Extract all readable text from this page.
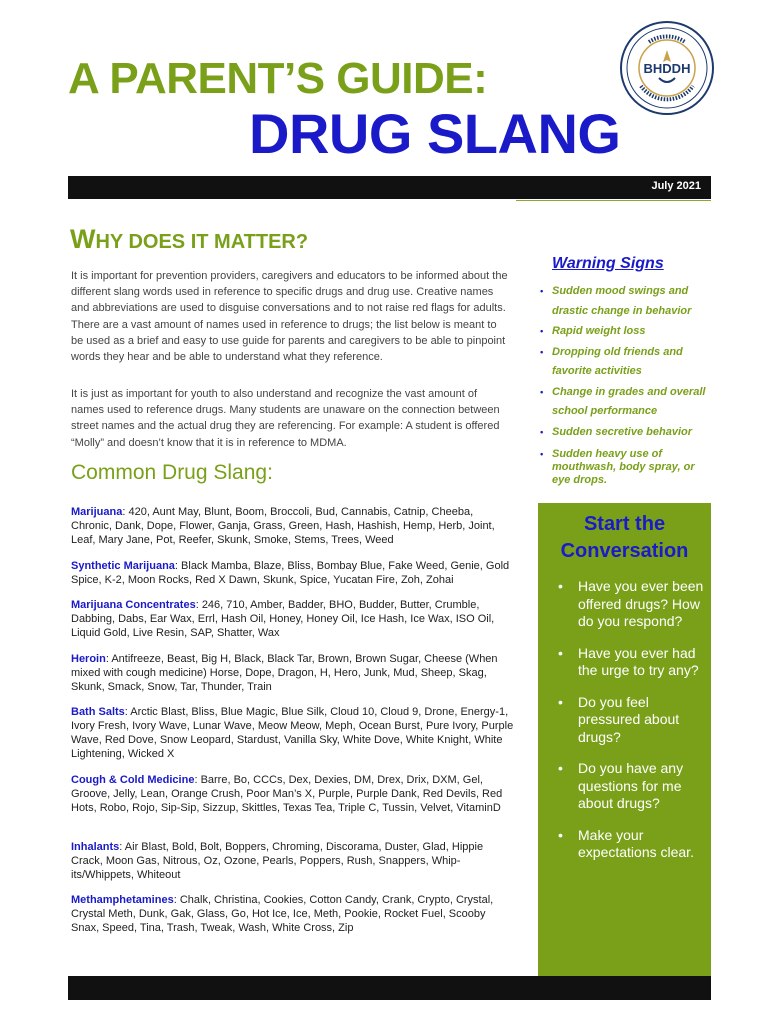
A PARENT’S GUIDE:
DRUG SLANG
BHDDH
July 2021
WHY DOES IT MATTER?
It is important for prevention providers, caregivers and educators to be informed about the different slang words used in reference to specific drugs and drug use. Creative names and abbreviations are used to disguise conversations and to not raise red flags for adults. There are a vast amount of names used in reference to drugs; the list below is meant to be used as a brief and easy to use guide for parents and caregivers to be able to pinpoint words they hear and be able to understand what they reference.
It is just as important for youth to also understand and recognize the vast amount of names used to reference drugs. Many students are unaware on the connection between street names and the actual drug they are referencing. For example: A student is offered “Molly” and doesn’t know that it is in reference to MDMA.
Common Drug Slang:
Marijuana: 420, Aunt May, Blunt, Boom, Broccoli, Bud, Cannabis, Catnip, Cheeba, Chronic, Dank, Dope, Flower, Ganja, Grass, Green, Hash, Hashish, Hemp, Herb, Joint, Leaf, Mary Jane, Pot, Reefer, Skunk, Smoke, Stems, Trees, Weed
Synthetic Marijuana: Black Mamba, Blaze, Bliss, Bombay Blue, Fake Weed, Genie, Gold Spice, K-2, Moon Rocks, Red X Dawn, Skunk, Spice, Yucatan Fire, Zoh, Zohai
Marijuana Concentrates: 246, 710, Amber, Badder, BHO, Budder, Butter, Crumble, Dabbing, Dabs, Ear Wax, Errl, Hash Oil, Honey, Honey Oil, Ice Hash, Ice Wax, ISO Oil, Liquid Gold, Live Resin, SAP, Shatter, Wax
Heroin: Antifreeze, Beast, Big H, Black, Black Tar, Brown, Brown Sugar, Cheese (When mixed with cough medicine) Horse, Dope, Dragon, H, Hero, Junk, Mud, Sheep, Skag, Skunk, Smack, Snow, Tar, Thunder, Train
Bath Salts: Arctic Blast, Bliss, Blue Magic, Blue Silk, Cloud 10, Cloud 9, Drone, Energy-1, Ivory Fresh, Ivory Wave, Lunar Wave, Meow Meow, Meph, Ocean Burst, Pure Ivory, Purple Wave, Red Dove, Snow Leopard, Stardust, Vanilla Sky, White Dove, White Knight, White Lightening, Wicked X
Cough & Cold Medicine: Barre, Bo, CCCs, Dex, Dexies, DM, Drex, Drix, DXM, Gel, Groove, Jelly, Lean, Orange Crush, Poor Man’s X, Purple, Purple Dank, Red Devils, Red Hots, Robo, Rojo, Sip-Sip, Sizzup, Skittles, Texas Tea, Triple C, Tussin, Velvet, VitaminD
Inhalants: Air Blast, Bold, Bolt, Boppers, Chroming, Discorama, Duster, Glad, Hippie Crack, Moon Gas, Nitrous, Oz, Ozone, Pearls, Poppers, Rush, Snappers, Whip-its/Whippets, Whiteout
Methamphetamines: Chalk, Christina, Cookies, Cotton Candy, Crank, Crypto, Crystal, Crystal Meth, Dunk, Gak, Glass, Go, Hot Ice, Ice, Meth, Pookie, Rocket Fuel, Scooby Snax, Speed, Tina, Trash, Tweak, Wash, White Cross, Zip
Warning Signs
• Sudden mood swings and drastic change in behavior
• Rapid weight loss
• Dropping old friends and favorite activities
• Change in grades and overall school performance
• Sudden secretive behavior
• Sudden heavy use of mouthwash, body spray, or eye drops.
Start the Conversation
• Have you ever been offered drugs? How do you respond?
• Have you ever had the urge to try any?
• Do you feel pressured about drugs?
• Do you have any questions for me about drugs?
• Make your expectations clear.
